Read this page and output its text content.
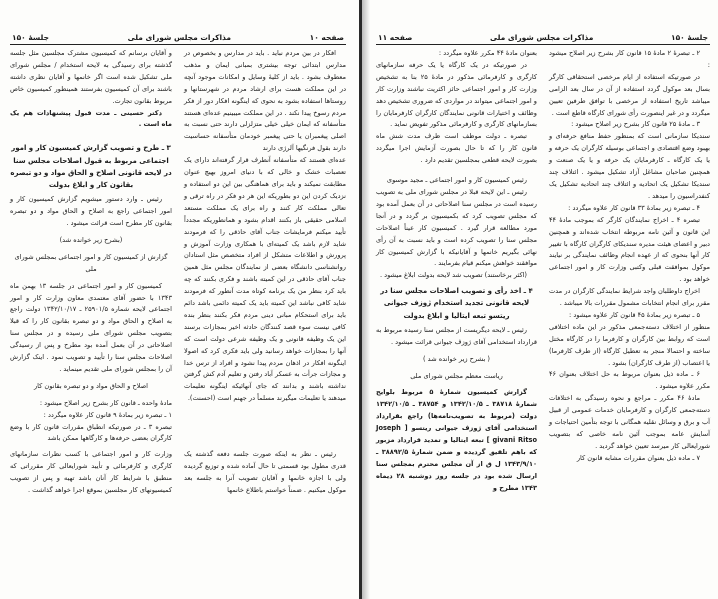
صفحه ۱۰
مذاکرات مجلس شورای ملی
جلسهٔ ۱۵۰

افکار در بین مردم نباید . باید در مدارس و بخصوص در مدارس ابتدائی توجه بیشتری بمبانی ایمان و مذهب معطوف بشود . باید از کلیهٔ وسایل و امکانات موجود آنچه در این مملکت هست برای ارشاد مردم در شهرستانها و روستاها استفاده بشود به نحوی که اینگونه افکار دور از فکر مردم رسوخ پیدا نکند . در این مملکت میبینیم عده‌ای هستند متأسفانه که ایمان خیلی خیلی متزلزلی دارند حتی نسبت به اصلی پیغمبران یا حتی پیغمبر خودمان متأسفانه حساسیت دارند بقول فرنگیها آلرژی دارند

عده‌ای هستند که متأسفانه آنطرف قرار گرفته‌اند دارای یک تعصبات خشک و خالی که با دنیای امروز بهیچ عنوان مطابقت نمیکند و باید برای هماهنگی بین این دو استفاده و نزدیک کردن این دو بطوریکه این هر دو فکر در راه ترقی و تعالی مملکت کار کنند و راه برای یک مملکت مستعد اسلامی حقیقی باز بکنند اقدام بشود و همانطوریکه مجدداً تأیید میکنم فرمایشات جناب آقای حاذقی را که فرمودند شاید لازم باشد یک کمیته‌ای با همکاری وزارت آموزش و پرورش و اطلاعات متشکل از افراد متخصص مثل استادان روانشناسی دانشگاه بعضی از نمایندگان مجلس مثل همین جناب آقای حاذقی در این کمیته باشند و فکری بکنند که چه باید کرد بنظر من یک برنامه کوتاه مدت آنطور که فرمودند شاید کافی نباشد این کمیته باید یک کمیته دائمی باشد دائم باید برای استحکام مبانی دینی مردم فکر بکنند بنظر بنده کافی نیست سوء قصد کنندگان حادثه اخیر بمجازات برسند این یک وظیفه قانونی و یک وظیفه شرعی دولت است که آنها را بمجازات خواهد رسانید ولی باید فکری کرد که اصولا اینگونه افکار در اذهان مردم پیدا نشود و افراد از ترس خدا و مجازات جرأت به عسکر آباد رفتن و تعلیم آدم کش گرفتن نداشته باشند و بدانند که جای آنهائیکه اینگونه تعلیمات میدهند یا تعلیمات میگیرند مسلماً در جهنم است (احسنت).

و آقایان برسانم که کمیسیون مشترک مجلسین مثل جلسه گذشته برای رسیدگی به لایحه استخدام / مجلس شورای ملی تشکیل شده است اگر خانمها و آقایان نظری داشته باشند برای آن کمیسیون بفرستند همینطور کمیسیون خاص مربوط بقانون تجارت.

دکتر حسینی ـ مدت قبول پیشنهادات هم یک ماه است .

۳ ـ طرح و تصویب گزارش کمیسیون کار و امور اجتماعی مربوط به قبول اصلاحات مجلس سنا در لایحه قانونی اصلاح و الحاق مواد و دو تبصره بقانون کار و ابلاغ بدولت

رئیس ـ وارد دستور میشویم گزارش کمیسیون کار و امور اجتماعی راجع به اصلاح و الحاق مواد و دو تبصره بقانون کار مطرح است قرائت میشود .

(بشرح زیر خوانده شد)

گزارش از کمیسیون کار و امور اجتماعی بمجلس شورای ملی

کمیسیون کار و امور اجتماعی در جلسه ۱۳ بهمن ماه ۱۳۴۳ با حضور آقای معتمدی معاون وزارت کار و امور اجتماعی لایحه شماره ۲۵۹۰۱/۵ ـ ۱۳۴۲/۱۰/۱۷ دولت راجع به اصلاح و الحاق مواد و دو تبصره بقانون کار را که قبلا بتصویب مجلس شورای ملی رسیده و در مجلس سنا اصلاحاتی در آن بعمل آمده بود مطرح و پس از رسیدگی اصلاحات مجلس سنا را تأیید و تصویب نمود . اینک گزارش آن را بمجلس شورای ملی تقدیم مینماید .

اصلاح و الحاق مواد و دو تبصره بقانون کار

مادهٔ واحده ـ قانون کار بشرح زیر اصلاح میشود :

۱ ـ تبصره زیر بمادهٔ ۹ قانون کار علاوه میگردد :

تبصره ۳ ـ در صورتیکه انطباق مقررات قانون کار با وضع کارگران بعضی حرفه‌ها و کارگاهها ممکن باشد

رئیس ـ نظر به اینکه صورت جلسه دفعه گذشته یک قدری مطول بود قسمتی تا حال آماده شده و توزیع گردیده ولی با اجازه خانمها و آقایان تصویب آنرا به جلسه بعد موکول میکنیم . ضمناً خواستم باطلاع خانمها

وزارت کار و امور اجتماعی با کسب نظرات سازمانهای کارگری و کارفرمائی و تأیید شورایعالی کار مقرراتی که منطبق با شرایط کار آنان باشد تهیه و پس از تصویب کمیسیونهای کار مجلسین بموقع اجرا خواهد گذاشت .

جلسهٔ ۱۵۰
مذاکرات مجلس شورای ملی
صفحه ۱۱

۲ ـ تبصرهٔ ۲ مادهٔ ۱۵ قانون کار بشرح زیر اصلاح میشود :

در صورتیکه استفاده از ایام مرخصی استحقاقی کارگر بسال بعد موکول گردد استفاده از آن در سال بعد الزامی میباشد تاریخ استفاده از مرخصی با توافق طرفین تعیین میگردد و در غیر اینصورت رأی شورای کارگاه قاطع است .

۳ ـ مادهٔ ۲۵ قانون کار بشرح زیر اصلاح میشود :

سندیکا سازمانی است که بمنظور حفظ منافع حرفه‌ای و بهبود وضع اقتصادی و اجتماعی بوسیله کارگران یک حرفه و یا یک کارگاه ـ کارفرمایان یک حرفه و یا یک صنعت و همچنین صاحبان مشاغل آزاد تشکیل میشود . ائتلاف چند سندیکا تشکیل یک اتحادیه و ائتلاف چند اتحادیه تشکیل یک کنفدراسیون را میدهد .

۴ ـ تبصره زیر بمادهٔ ۳۳ قانون کار علاوه میگردد :

تبصره ۴ ـ اخراج نمایندگان کارگر که بموجب مادهٔ ۴۴ این قانون و آئین نامه مربوطه انتخاب شده‌اند و همچنین دبیر و اعضای هیئت مدیره سندیکای کارگران کارگاه با تغییر کار آنها بنحوی که از عهده انجام وظائف نمایندگی بر نیایند موکول بموافقت قبلی وکتبی وزارت کار و امور اجتماعی خواهد بود .

اخراج داوطلبان واجد شرایط نمایندگی کارگران در مدت مقرر برای انجام انتخابات مشمول مقررات بالا میباشد .

۵ ـ تبصره زیر بمادهٔ ۴۵ قانون کار علاوه میشود :

منظور از اختلاف دسته‌جمعی مذکور در این ماده اختلافی است که روابط بین کارگران و کارفرما را در کارگاه مختل ساخته و احتمالا منجر به تعطیل کارگاه (از طرف کارفرما) یا اعتصاب (از طرف کارگران) بشود .

۶ ـ ماده ذیل بعنوان مربوط به حل اختلاف بعنوان ۴۶ مکرر علاوه میشود .

مادهٔ ۴۶ مکرر ـ مراجع و نحوه رسیدگی به اختلافات دسته‌جمعی کارگران و کارفرمایان خدمات عمومی از قبیل آب و برق و وسائل نقلیه همگانی با توجه بتأمین احتیاجات و آسایش عامه بموجب آئین نامه خاصی که بتصویب شورایعالی کار میرسد تعیین خواهد گردید .

۷ ـ ماده ذیل بعنوان مقررات مشابه قانون کار

بعنوان مادهٔ ۴۴ مکرر علاوه میگردد :

در صورتیکه در یک کارگاه یا یک حرفه سازمانهای کارگری و کارفرمائی مذکور در مادهٔ ۲۵ بنا به تشخیص وزارت کار و امور اجتماعی حائز اکثریت نباشند وزارت کار و امور اجتماعی میتواند در مواردی که ضروری تشخیص دهد وظائف و اختیارات قانونی نمایندگان کارگران کارفرمایان را بسازمانهای کارگری و کارفرمائی مذکور تفویض نماید .

تبصره ـ دولت موظف است ظرف مدت شش ماه قانون کار را که تا حال بصورت آزمایش اجرا میگردد بصورت لایحه قطعی بمجلسین تقدیم دارد .

رئیس کمیسیون کار و امور اجتماعی ـ مجید موسوی

رئیس ـ این لایحه قبلا در مجلس شورای ملی به تصویب رسیده است در مجلس سنا اصلاحاتی در آن بعمل آمده بود که مجلس تصویب کرد که بکمیسیون بر گردد و در آنجا مورد مطالعه قرار گیرد . کمیسیون کار عیناً اصلاحات مجلس سنا را تصویب کرده است و باید نسبت به آن رأی نهائی بگیریم خانمها و آقایانیکه با گزارش کمیسیون کار موافقند خواهش میکنم قیام بفرمایند .

(اکثر برخاستند) تصویب شد لایحه بدولت ابلاغ میشود .

۴ ـ اخذ رأی و تصویب اصلاحات مجلس سنا در لایحه قانونی تجدید استخدام ژوزف جیوانی ریتسو تبعه ایتالیا و ابلاغ بدولت

رئیس ـ لایحه دیگریست از مجلس سنا رسیده مربوط به قرارداد استخدامی آقای ژوزف جیوانی قرائت میشود .

( بشرح زیر خوانده شد )

ریاست معظم مجلس شورای ملی

گزارش کمیسیون شمارهٔ ۵ مربوط بلوایح شمارهٔ ۳۸۷۱۸ ـ ۱۳۴۲/۱۰/۵ و ۳۸۷۵۴ ـ ۱۳۴۲/۱۰/۵ دولت (مربوط به تصویب‌نامه‌ها) راجع بقرارداد استخدامی آقای ژوزف جیوانی ریتسو [ Joseph givani Ritso ] تبعه ایتالیا و تمدید قرارداد مزبور که باهم تلفیق گردیده و ضمن شمارهٔ ۳۸۸۹۲/۵ ـ ۱۳۴۳/۹/۱۰ ل ق از آن مجلس محترم بمجلس سنا ارسال شده بود در جلسه روز دوشنبه ۲۸ دیماه ۱۳۴۳ مطرح و
